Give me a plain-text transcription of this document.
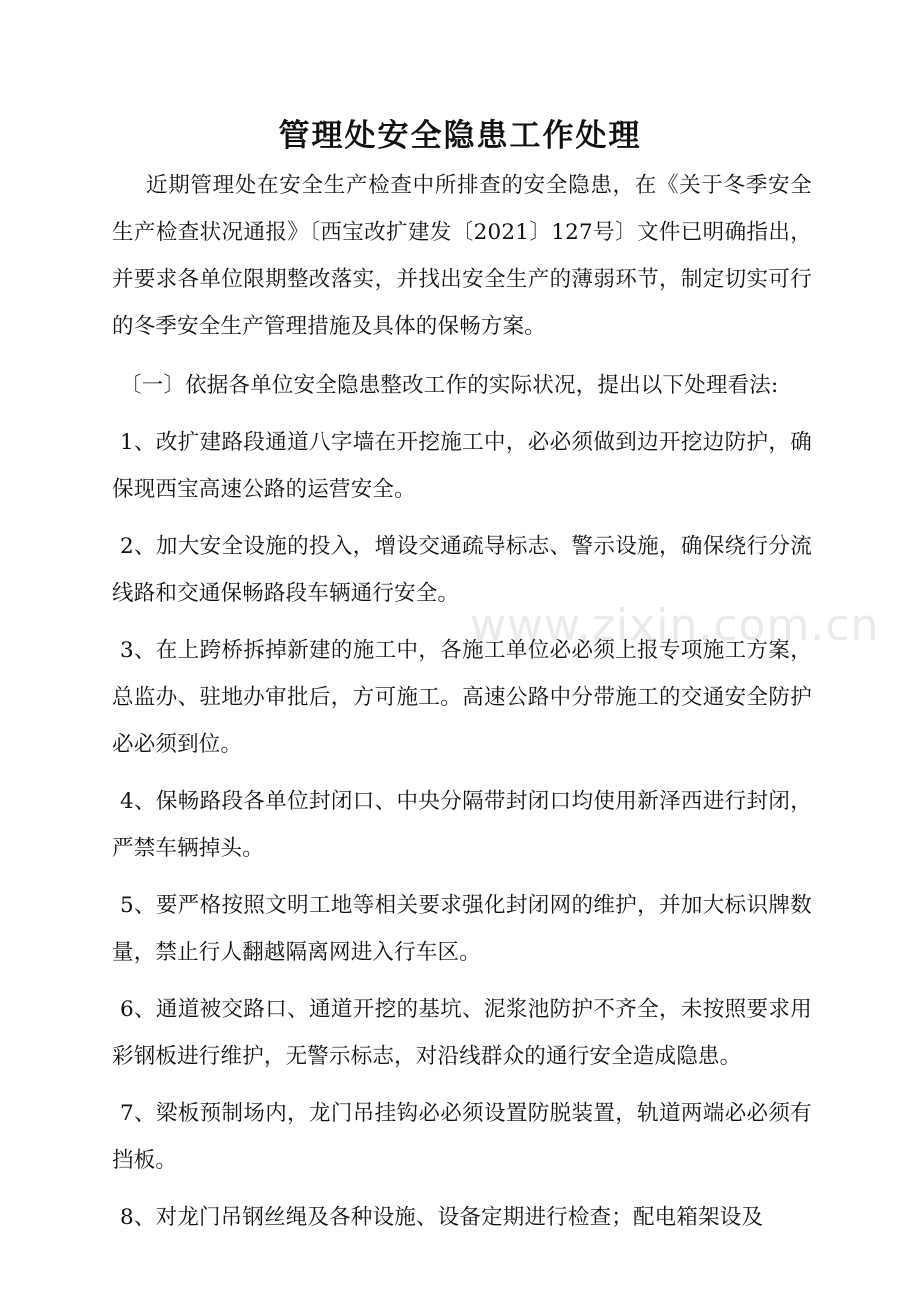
管理处安全隐患工作处理

近期管理处在安全生产检查中所排查的安全隐患，在《关于冬季安全生产检查状况通报》〔西宝改扩建发〔2021〕127号〕文件已明确指出，并要求各单位限期整改落实，并找出安全生产的薄弱环节，制定切实可行的冬季安全生产管理措施及具体的保畅方案。

〔一〕依据各单位安全隐患整改工作的实际状况，提出以下处理看法:

1、改扩建路段通道八字墙在开挖施工中，必必须做到边开挖边防护，确保现西宝高速公路的运营安全。

2、加大安全设施的投入，增设交通疏导标志、警示设施，确保绕行分流线路和交通保畅路段车辆通行安全。

3、在上跨桥拆掉新建的施工中，各施工单位必必须上报专项施工方案，总监办、驻地办审批后，方可施工。高速公路中分带施工的交通安全防护必必须到位。

4、保畅路段各单位封闭口、中央分隔带封闭口均使用新泽西进行封闭，严禁车辆掉头。

5、要严格按照文明工地等相关要求强化封闭网的维护，并加大标识牌数量，禁止行人翻越隔离网进入行车区。

6、通道被交路口、通道开挖的基坑、泥浆池防护不齐全，未按照要求用彩钢板进行维护，无警示标志，对沿线群众的通行安全造成隐患。

7、梁板预制场内，龙门吊挂钩必必须设置防脱装置，轨道两端必必须有挡板。

8、对龙门吊钢丝绳及各种设施、设备定期进行检查；配电箱架设及

www.zixin.com.cn
